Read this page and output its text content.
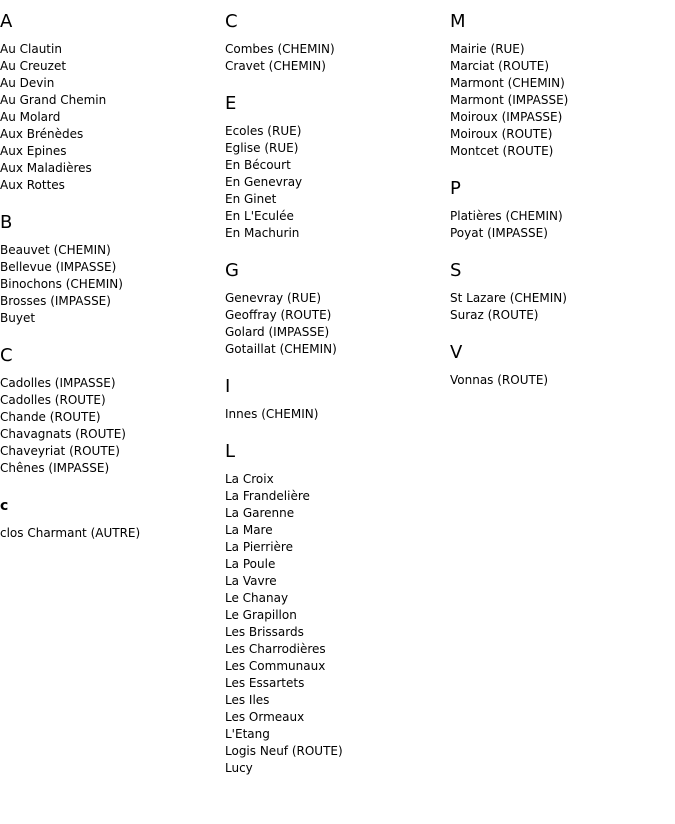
A
Au Clautin
Au Creuzet
Au Devin
Au Grand Chemin
Au Molard
Aux Brénèdes
Aux Epines
Aux Maladières
Aux Rottes
B
Beauvet (CHEMIN)
Bellevue (IMPASSE)
Binochons (CHEMIN)
Brosses (IMPASSE)
Buyet
C
Cadolles (IMPASSE)
Cadolles (ROUTE)
Chande (ROUTE)
Chavagnats (ROUTE)
Chaveyriat (ROUTE)
Chênes (IMPASSE)
c
clos Charmant (AUTRE)
C
Combes (CHEMIN)
Cravet (CHEMIN)
E
Ecoles (RUE)
Eglise (RUE)
En Bécourt
En Genevray
En Ginet
En L'Eculée
En Machurin
G
Genevray (RUE)
Geoffray (ROUTE)
Golard (IMPASSE)
Gotaillat (CHEMIN)
I
Innes (CHEMIN)
L
La Croix
La Frandelière
La Garenne
La Mare
La Pierrière
La Poule
La Vavre
Le Chanay
Le Grapillon
Les Brissards
Les Charrodières
Les Communaux
Les Essartets
Les Iles
Les Ormeaux
L'Etang
Logis Neuf (ROUTE)
Lucy
M
Mairie (RUE)
Marciat (ROUTE)
Marmont (CHEMIN)
Marmont (IMPASSE)
Moiroux (IMPASSE)
Moiroux (ROUTE)
Montcet (ROUTE)
P
Platières (CHEMIN)
Poyat (IMPASSE)
S
St Lazare (CHEMIN)
Suraz (ROUTE)
V
Vonnas (ROUTE)
